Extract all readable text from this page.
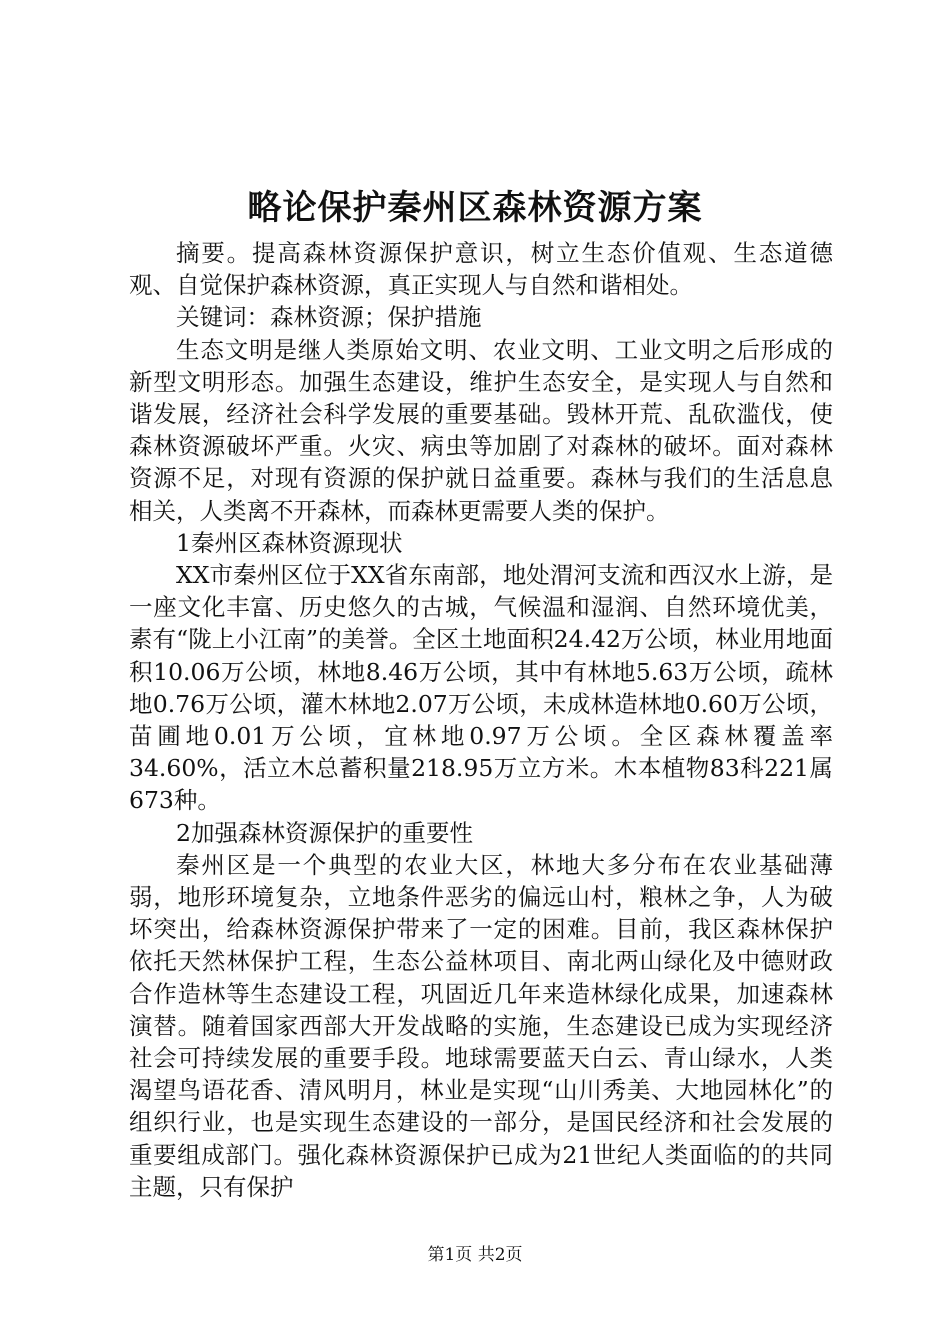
略论保护秦州区森林资源方案

摘要。提高森林资源保护意识，树立生态价值观、生态道德观、自觉保护森林资源，真正实现人与自然和谐相处。

关键词：森林资源；保护措施

生态文明是继人类原始文明、农业文明、工业文明之后形成的新型文明形态。加强生态建设，维护生态安全，是实现人与自然和谐发展，经济社会科学发展的重要基础。毁林开荒、乱砍滥伐，使森林资源破坏严重。火灾、病虫等加剧了对森林的破坏。面对森林资源不足，对现有资源的保护就日益重要。森林与我们的生活息息相关，人类离不开森林，而森林更需要人类的保护。

1秦州区森林资源现状

XX市秦州区位于XX省东南部，地处渭河支流和西汉水上游，是一座文化丰富、历史悠久的古城，气候温和湿润、自然环境优美，素有“陇上小江南”的美誉。全区土地面积24.42万公顷，林业用地面积10.06万公顷，林地8.46万公顷，其中有林地5.63万公顷，疏林地0.76万公顷，灌木林地2.07万公顷，未成林造林地0.60万公顷，苗圃地0.01万公顷，宜林地0.97万公顷。全区森林覆盖率34.60%，活立木总蓄积量218.95万立方米。木本植物83科221属673种。

2加强森林资源保护的重要性

秦州区是一个典型的农业大区，林地大多分布在农业基础薄弱，地形环境复杂，立地条件恶劣的偏远山村，粮林之争，人为破坏突出，给森林资源保护带来了一定的困难。目前，我区森林保护依托天然林保护工程，生态公益林项目、南北两山绿化及中德财政合作造林等生态建设工程，巩固近几年来造林绿化成果，加速森林演替。随着国家西部大开发战略的实施，生态建设已成为实现经济社会可持续发展的重要手段。地球需要蓝天白云、青山绿水，人类渴望鸟语花香、清风明月，林业是实现“山川秀美、大地园林化”的组织行业，也是实现生态建设的一部分，是国民经济和社会发展的重要组成部门。强化森林资源保护已成为21世纪人类面临的的共同主题，只有保护

第1页 共2页
